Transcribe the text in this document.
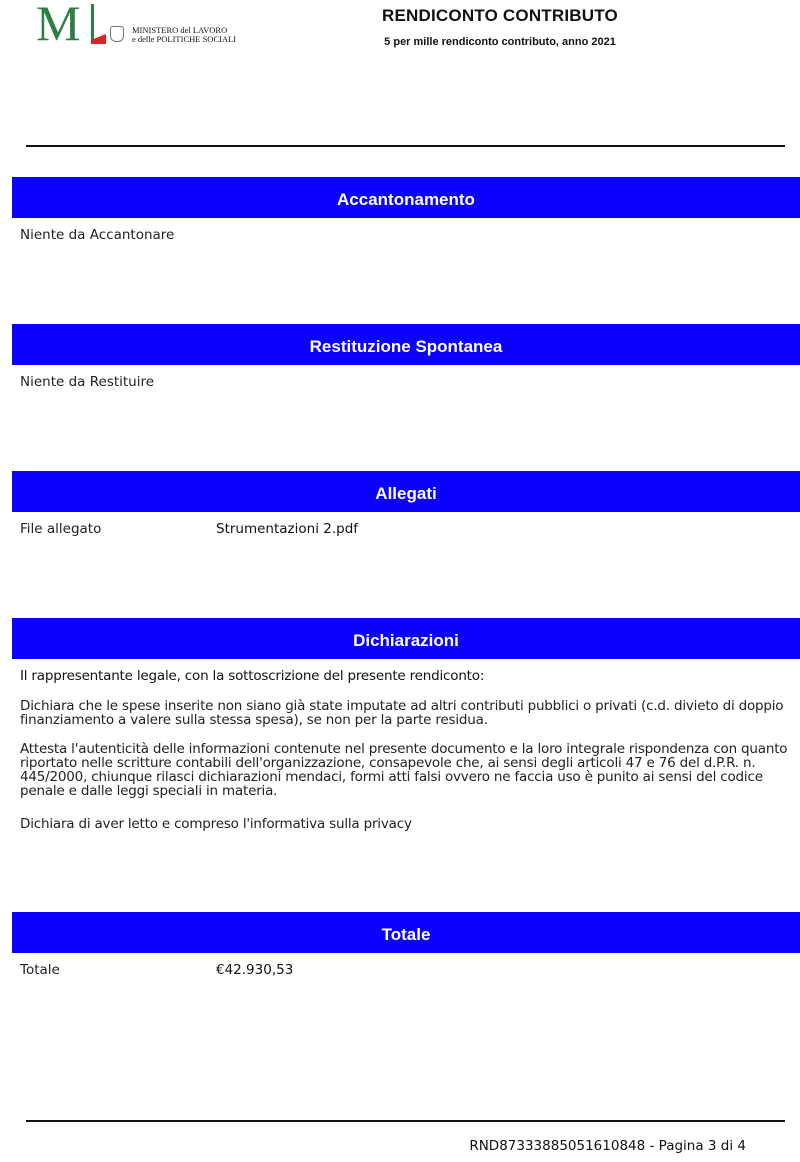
M	MINISTERO del LAVORO
e delle POLITICHE SOCIALI
RENDICONTO CONTRIBUTO
5 per mille rendiconto contributo, anno 2021
Accantonamento
Niente da Accantonare
Restituzione Spontanea
Niente da Restituire
Allegati
File allegato	Strumentazioni 2.pdf
Dichiarazioni
Il rappresentante legale, con la sottoscrizione del presente rendiconto:
Dichiara che le spese inserite non siano già state imputate ad altri contributi pubblici o privati (c.d. divieto di doppio finanziamento a valere sulla stessa spesa), se non per la parte residua.
Attesta l'autenticità delle informazioni contenute nel presente documento e la loro integrale rispondenza con quanto riportato nelle scritture contabili dell'organizzazione, consapevole che, ai sensi degli articoli 47 e 76 del d.P.R. n. 445/2000, chiunque rilasci dichiarazioni mendaci, formi atti falsi ovvero ne faccia uso è punito ai sensi del codice penale e dalle leggi speciali in materia.
Dichiara di aver letto e compreso l'informativa sulla privacy
Totale
Totale	€42.930,53
RND8733388505161084​8 - Pagina 3 di 4
